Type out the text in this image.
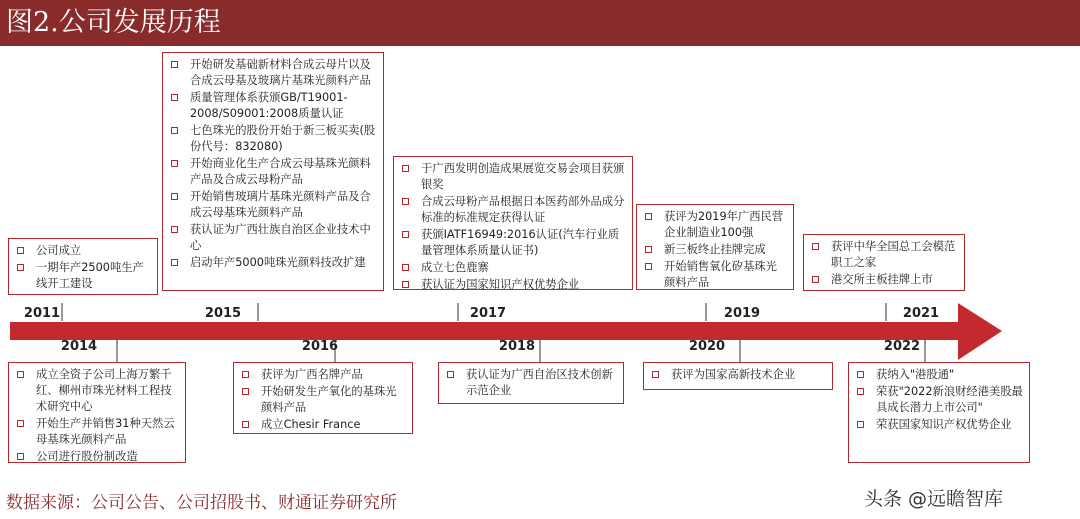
图2.公司发展历程
2011	2015	2017	2019	2021
2014	2016	2018	2020	2022
公司成立
一期年产2500吨生产线开工建设
开始研发基础新材料合成云母片以及合成云母基及玻璃片基珠光颜料产品
质量管理体系获颁GB/T19001-2008/S09001:2008质量认证
七色珠光的股份开始于新三板买卖(股份代号：832080)
开始商业化生产合成云母基珠光颜料产品及合成云母粉产品
开始销售玻璃片基珠光颜料产品及合成云母基珠光颜料产品
获认证为广西壮族自治区企业技术中心
启动年产5000吨珠光颜料技改扩建
于广西发明创造成果展览交易会项目获颁银奖
合成云母粉产品根据日本医药部外品成分标准的标准规定获得认证
获颁IATF16949:2016认证(汽车行业质量管理体系质量认证书)
成立七色鹿寨
获认证为国家知识产权优势企业
获评为2019年广西民营企业制造业100强
新三板终止挂牌完成
开始销售氧化矽基珠光颜料产品
获评中华全国总工会模范职工之家
港交所主板挂牌上市
成立全资子公司上海万繁千红、柳州市珠光材料工程技术研究中心
开始生产并销售31种天然云母基珠光颜料产品
公司进行股份制改造
获评为广西名牌产品
开始研发生产氧化的基珠光颜料产品
成立Chesir France
获认证为广西自治区技术创新示范企业
获评为国家高新技术企业	获纳入"港股通"
荣获"2022新浪财经港美股最具成长潜力上市公司"
荣获国家知识产权优势企业
数据来源：公司公告、公司招股书、财通证券研究所	头条 @远瞻智库
